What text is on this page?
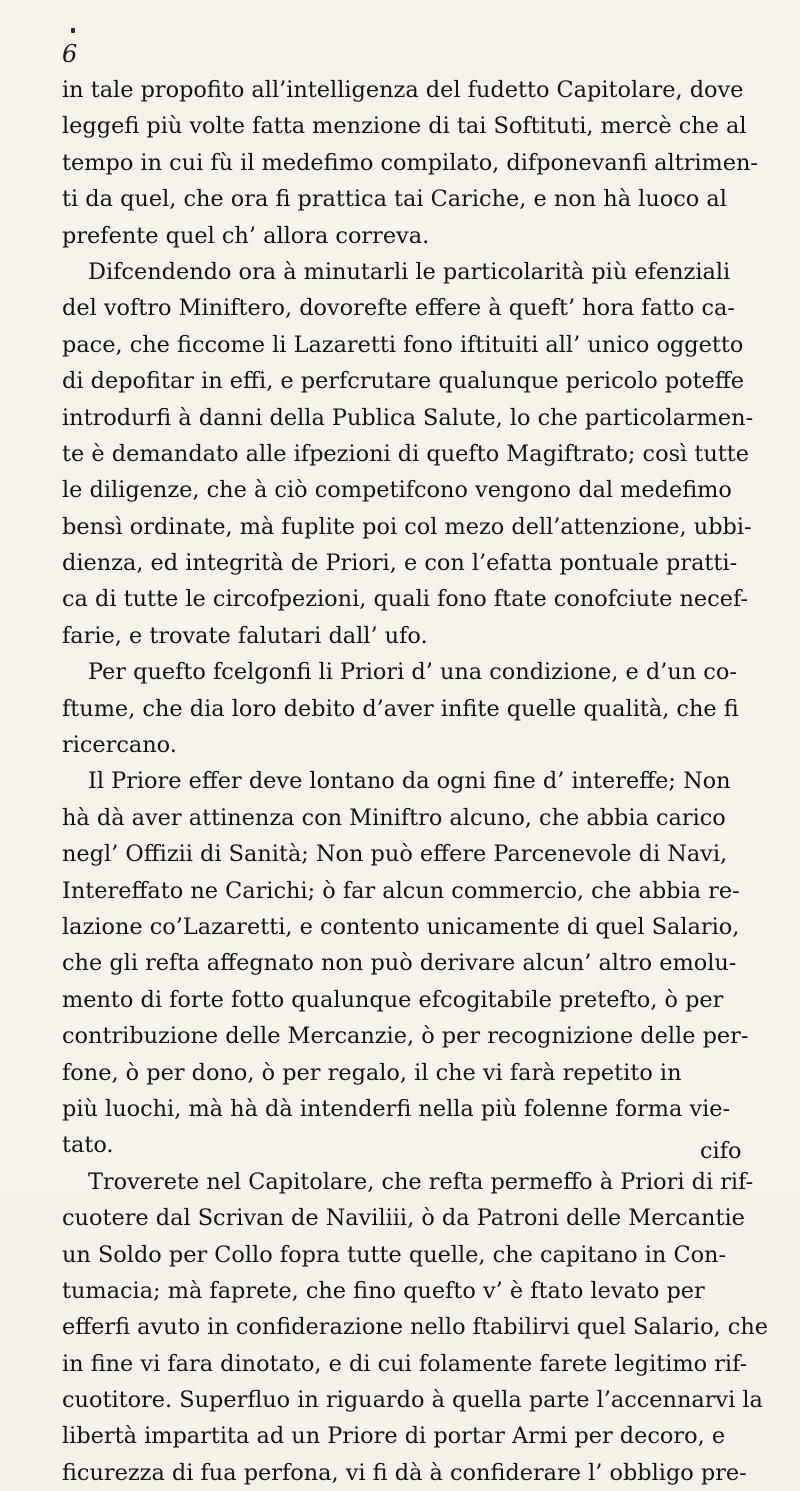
6
in tale propofito all’intelligenza del fudetto Capitolare, dove
leggefi più volte fatta menzione di tai Softituti, mercè che al
tempo in cui fù il medefimo compilato, difponevanfi altrimen-
ti da quel, che ora fi prattica tai Cariche, e non hà luoco al
prefente quel ch’ allora correva.
Difcendendo ora à minutarli le particolarità più efenziali
del voftro Miniftero, dovorefte effere à queft’ hora fatto ca-
pace, che ficcome li Lazaretti fono iftituiti all’ unico oggetto
di depofitar in effi, e perfcrutare qualunque pericolo poteffe
introdurfi à danni della Publica Salute, lo che particolarmen-
te è demandato alle ifpezioni di quefto Magiftrato; così tutte
le diligenze, che à ciò competifcono vengono dal medefimo
bensì ordinate, mà fuplite poi col mezo dell’attenzione, ubbi-
dienza, ed integrità de Priori, e con l’efatta pontuale pratti-
ca di tutte le circofpezioni, quali fono ftate conofciute necef-
farie, e trovate falutari dall’ ufo.
Per quefto fcelgonfi li Priori d’ una condizione, e d’un co-
ftume, che dia loro debito d’aver infite quelle qualità, che fi
ricercano.
Il Priore effer deve lontano da ogni fine d’ intereffe; Non
hà dà aver attinenza con Miniftro alcuno, che abbia carico
negl’ Offizii di Sanità; Non può effere Parcenevole di Navi,
Intereffato ne Carichi; ò far alcun commercio, che abbia re-
lazione co’Lazaretti, e contento unicamente di quel Salario,
che gli refta affegnato non può derivare alcun’ altro emolu-
mento di forte fotto qualunque efcogitabile pretefto, ò per
contribuzione delle Mercanzie, ò per recognizione delle per-
fone, ò per dono, ò per regalo, il che vi farà repetito in
più luochi, mà hà dà intenderfi nella più folenne forma vie-
tato.
Troverete nel Capitolare, che refta permeffo à Priori di rif-
cuotere dal Scrivan de Naviliii, ò da Patroni delle Mercantie
un Soldo per Collo fopra tutte quelle, che capitano in Con-
tumacia; mà faprete, che fino quefto v’ è ftato levato per
efferfi avuto in confiderazione nello ftabilirvi quel Salario, che
in fine vi fara dinotato, e di cui folamente farete legitimo rif-
cuotitore. Superfluo in riguardo à quella parte l’accennarvi la
libertà impartita ad un Priore di portar Armi per decoro, e
ficurezza di fua perfona, vi fi dà à confiderare l’ obbligo pre-
cifo
